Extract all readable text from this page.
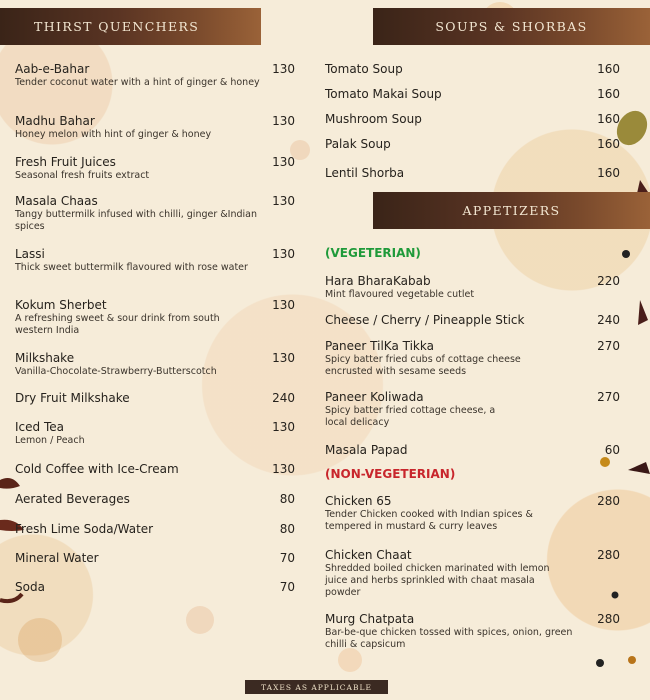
THIRST QUENCHERS	SOUPS & SHORBAS
APPETIZERS
Aab-e-Bahar
Tender coconut water with a hint of ginger & honey
130
Madhu Bahar
Honey melon with hint of ginger & honey
130
Fresh Fruit Juices
Seasonal fresh fruits extract
130
Masala Chaas
Tangy buttermilk infused with chilli, ginger &Indian spices
130
Lassi
Thick sweet buttermilk flavoured with rose water
130
Kokum Sherbet
A refreshing sweet & sour drink from south western India
130
Milkshake
Vanilla-Chocolate-Strawberry-Butterscotch
130
Dry Fruit Milkshake	240
Iced Tea
Lemon / Peach
130
Cold Coffee with Ice-Cream	130
Aerated Beverages	80
Fresh Lime Soda/Water	80
Mineral Water	70
Soda	70
Tomato Soup	160
Tomato Makai Soup	160
Mushroom Soup	160
Palak Soup	160
Lentil Shorba	160
(VEGETERIAN)
Hara BharaKabab
Mint flavoured vegetable cutlet
220
Cheese / Cherry / Pineapple Stick	240
Paneer TilKa Tikka
Spicy batter fried cubs of cottage cheese encrusted with sesame seeds
270
Paneer Koliwada
Spicy batter fried cottage cheese, a local delicacy
270
Masala Papad	60
(NON-VEGETERIAN)
Chicken 65
Tender Chicken cooked with Indian spices & tempered in mustard & curry leaves
280
Chicken Chaat
Shredded boiled chicken marinated with lemon juice and herbs sprinkled with chaat masala powder
280
Murg Chatpata
Bar-be-que chicken tossed with spices, onion, green chilli & capsicum
280
TAXES AS APPLICABLE
